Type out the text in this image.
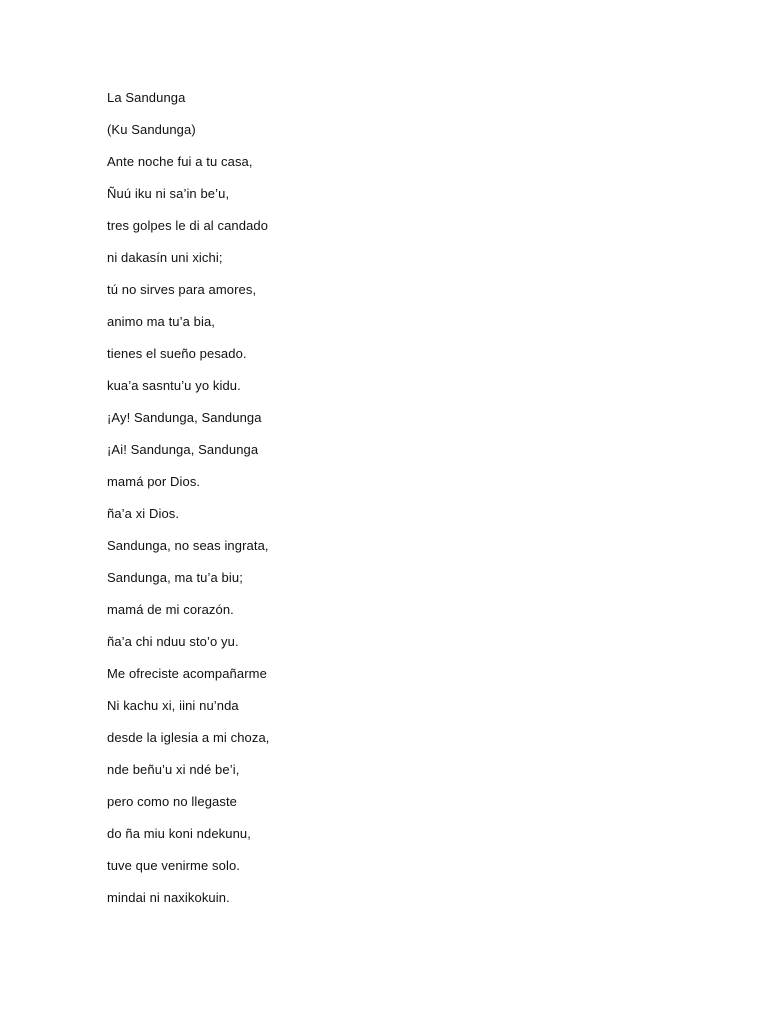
La Sandunga
(Ku Sandunga)
Ante noche fui a tu casa,
Ñuú iku ni sa’in be’u,
tres golpes le di al candado
ni dakasín uni xichi;
tú no sirves para amores,
animo ma tu’a bia,
tienes el sueño pesado.
kua’a sasntu’u yo kidu.
¡Ay! Sandunga, Sandunga
¡Ai! Sandunga, Sandunga
mamá por Dios.
ña’a xi Dios.
Sandunga, no seas ingrata,
Sandunga, ma tu’a biu;
mamá de mi corazón.
ña’a chi nduu sto’o yu.
Me ofreciste acompañarme
Ni kachu xi, iini nu’nda
desde la iglesia a mi choza,
nde beñu’u xi ndé be’i,
pero como no llegaste
do ña miu koni ndekunu,
tuve que venirme solo.
mindai ni naxikokuin.
